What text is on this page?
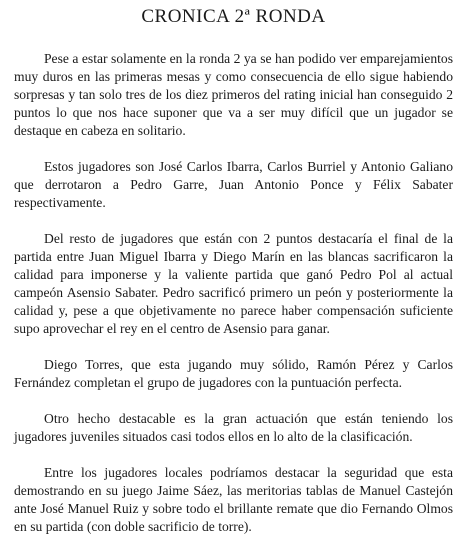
CRONICA 2ª RONDA

Pese a estar solamente en la ronda 2 ya se han podido ver emparejamientos muy duros en las primeras mesas y como consecuencia de ello sigue habiendo sorpresas y tan solo tres de los diez primeros del rating inicial han conseguido 2 puntos lo que nos hace suponer que va a ser muy difícil que un jugador se destaque en cabeza en solitario.

Estos jugadores son José Carlos Ibarra, Carlos Burriel y Antonio Galiano que derrotaron a Pedro Garre, Juan Antonio Ponce y Félix Sabater respectivamente.

Del resto de jugadores que están con 2 puntos destacaría el final de la partida entre Juan Miguel Ibarra y Diego Marín en las blancas sacrificaron la calidad para imponerse y la valiente partida que ganó Pedro Pol al actual campeón Asensio Sabater. Pedro sacrificó primero un peón y posteriormente la calidad y, pese a que objetivamente no parece haber compensación suficiente supo aprovechar el rey en el centro de Asensio para ganar.

Diego Torres, que esta jugando muy sólido, Ramón Pérez y Carlos Fernández completan el grupo de jugadores con la puntuación perfecta.

Otro hecho destacable es la gran actuación que están teniendo los jugadores juveniles situados casi todos ellos en lo alto de la clasificación.

Entre los jugadores locales podríamos destacar la seguridad que esta demostrando en su juego Jaime Sáez, las meritorias tablas de Manuel Castejón ante José Manuel Ruiz y sobre todo el brillante remate que dio Fernando Olmos en su partida (con doble sacrificio de torre).
